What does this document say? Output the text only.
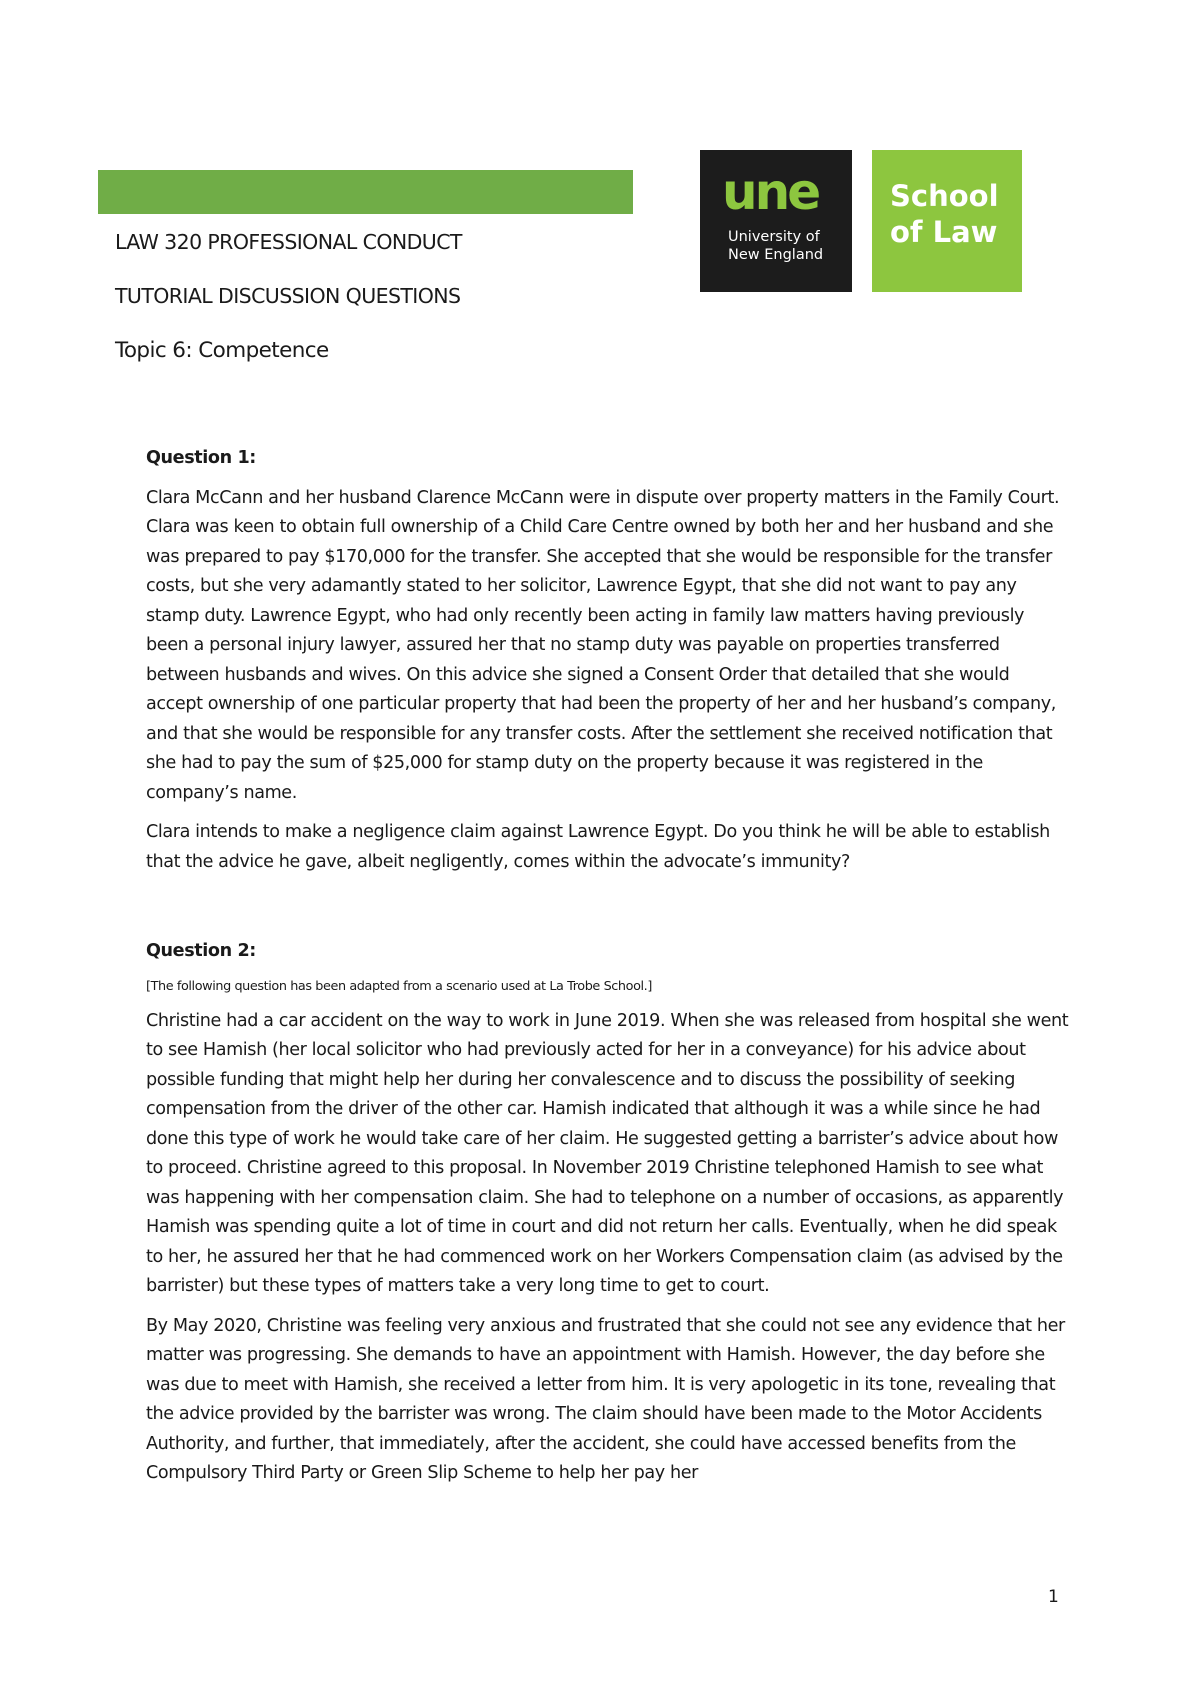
une
University of
New England
School
of Law
LAW 320 PROFESSIONAL CONDUCT
TUTORIAL DISCUSSION QUESTIONS
Topic 6: Competence

Question 1:

Clara McCann and her husband Clarence McCann were in dispute over property matters in the Family Court. Clara was keen to obtain full ownership of a Child Care Centre owned by both her and her husband and she was prepared to pay $170,000 for the transfer. She accepted that she would be responsible for the transfer costs, but she very adamantly stated to her solicitor, Lawrence Egypt, that she did not want to pay any stamp duty. Lawrence Egypt, who had only recently been acting in family law matters having previously been a personal injury lawyer, assured her that no stamp duty was payable on properties transferred between husbands and wives. On this advice she signed a Consent Order that detailed that she would accept ownership of one particular property that had been the property of her and her husband’s company, and that she would be responsible for any transfer costs. After the settlement she received notification that she had to pay the sum of $25,000 for stamp duty on the property because it was registered in the company’s name.

Clara intends to make a negligence claim against Lawrence Egypt. Do you think he will be able to establish that the advice he gave, albeit negligently, comes within the advocate’s immunity?

Question 2:

[The following question has been adapted from a scenario used at La Trobe School.]

Christine had a car accident on the way to work in June 2019. When she was released from hospital she went to see Hamish (her local solicitor who had previously acted for her in a conveyance) for his advice about possible funding that might help her during her convalescence and to discuss the possibility of seeking compensation from the driver of the other car. Hamish indicated that although it was a while since he had done this type of work he would take care of her claim. He suggested getting a barrister’s advice about how to proceed. Christine agreed to this proposal. In November 2019 Christine telephoned Hamish to see what was happening with her compensation claim. She had to telephone on a number of occasions, as apparently Hamish was spending quite a lot of time in court and did not return her calls. Eventually, when he did speak to her, he assured her that he had commenced work on her Workers Compensation claim (as advised by the barrister) but these types of matters take a very long time to get to court.

By May 2020, Christine was feeling very anxious and frustrated that she could not see any evidence that her matter was progressing. She demands to have an appointment with Hamish. However, the day before she was due to meet with Hamish, she received a letter from him. It is very apologetic in its tone, revealing that the advice provided by the barrister was wrong. The claim should have been made to the Motor Accidents Authority, and further, that immediately, after the accident, she could have accessed benefits from the Compulsory Third Party or Green Slip Scheme to help her pay her

1
